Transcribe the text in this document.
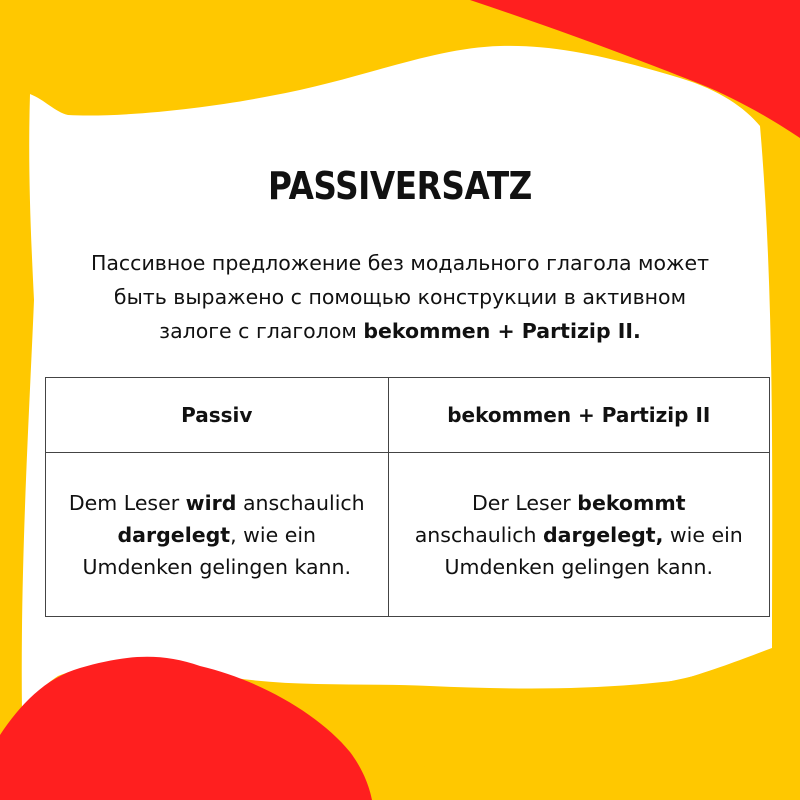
PASSIVERSATZ
Пассивное предложение без модального глагола может
быть выражено с помощью конструкции в активном
залоге с глаголом bekommen + Partizip II.
Passiv	bekommen + Partizip II
Dem Leser wird anschaulich dargelegt, wie ein Umdenken gelingen kann.	Der Leser bekommt anschaulich dargelegt, wie ein Umdenken gelingen kann.
